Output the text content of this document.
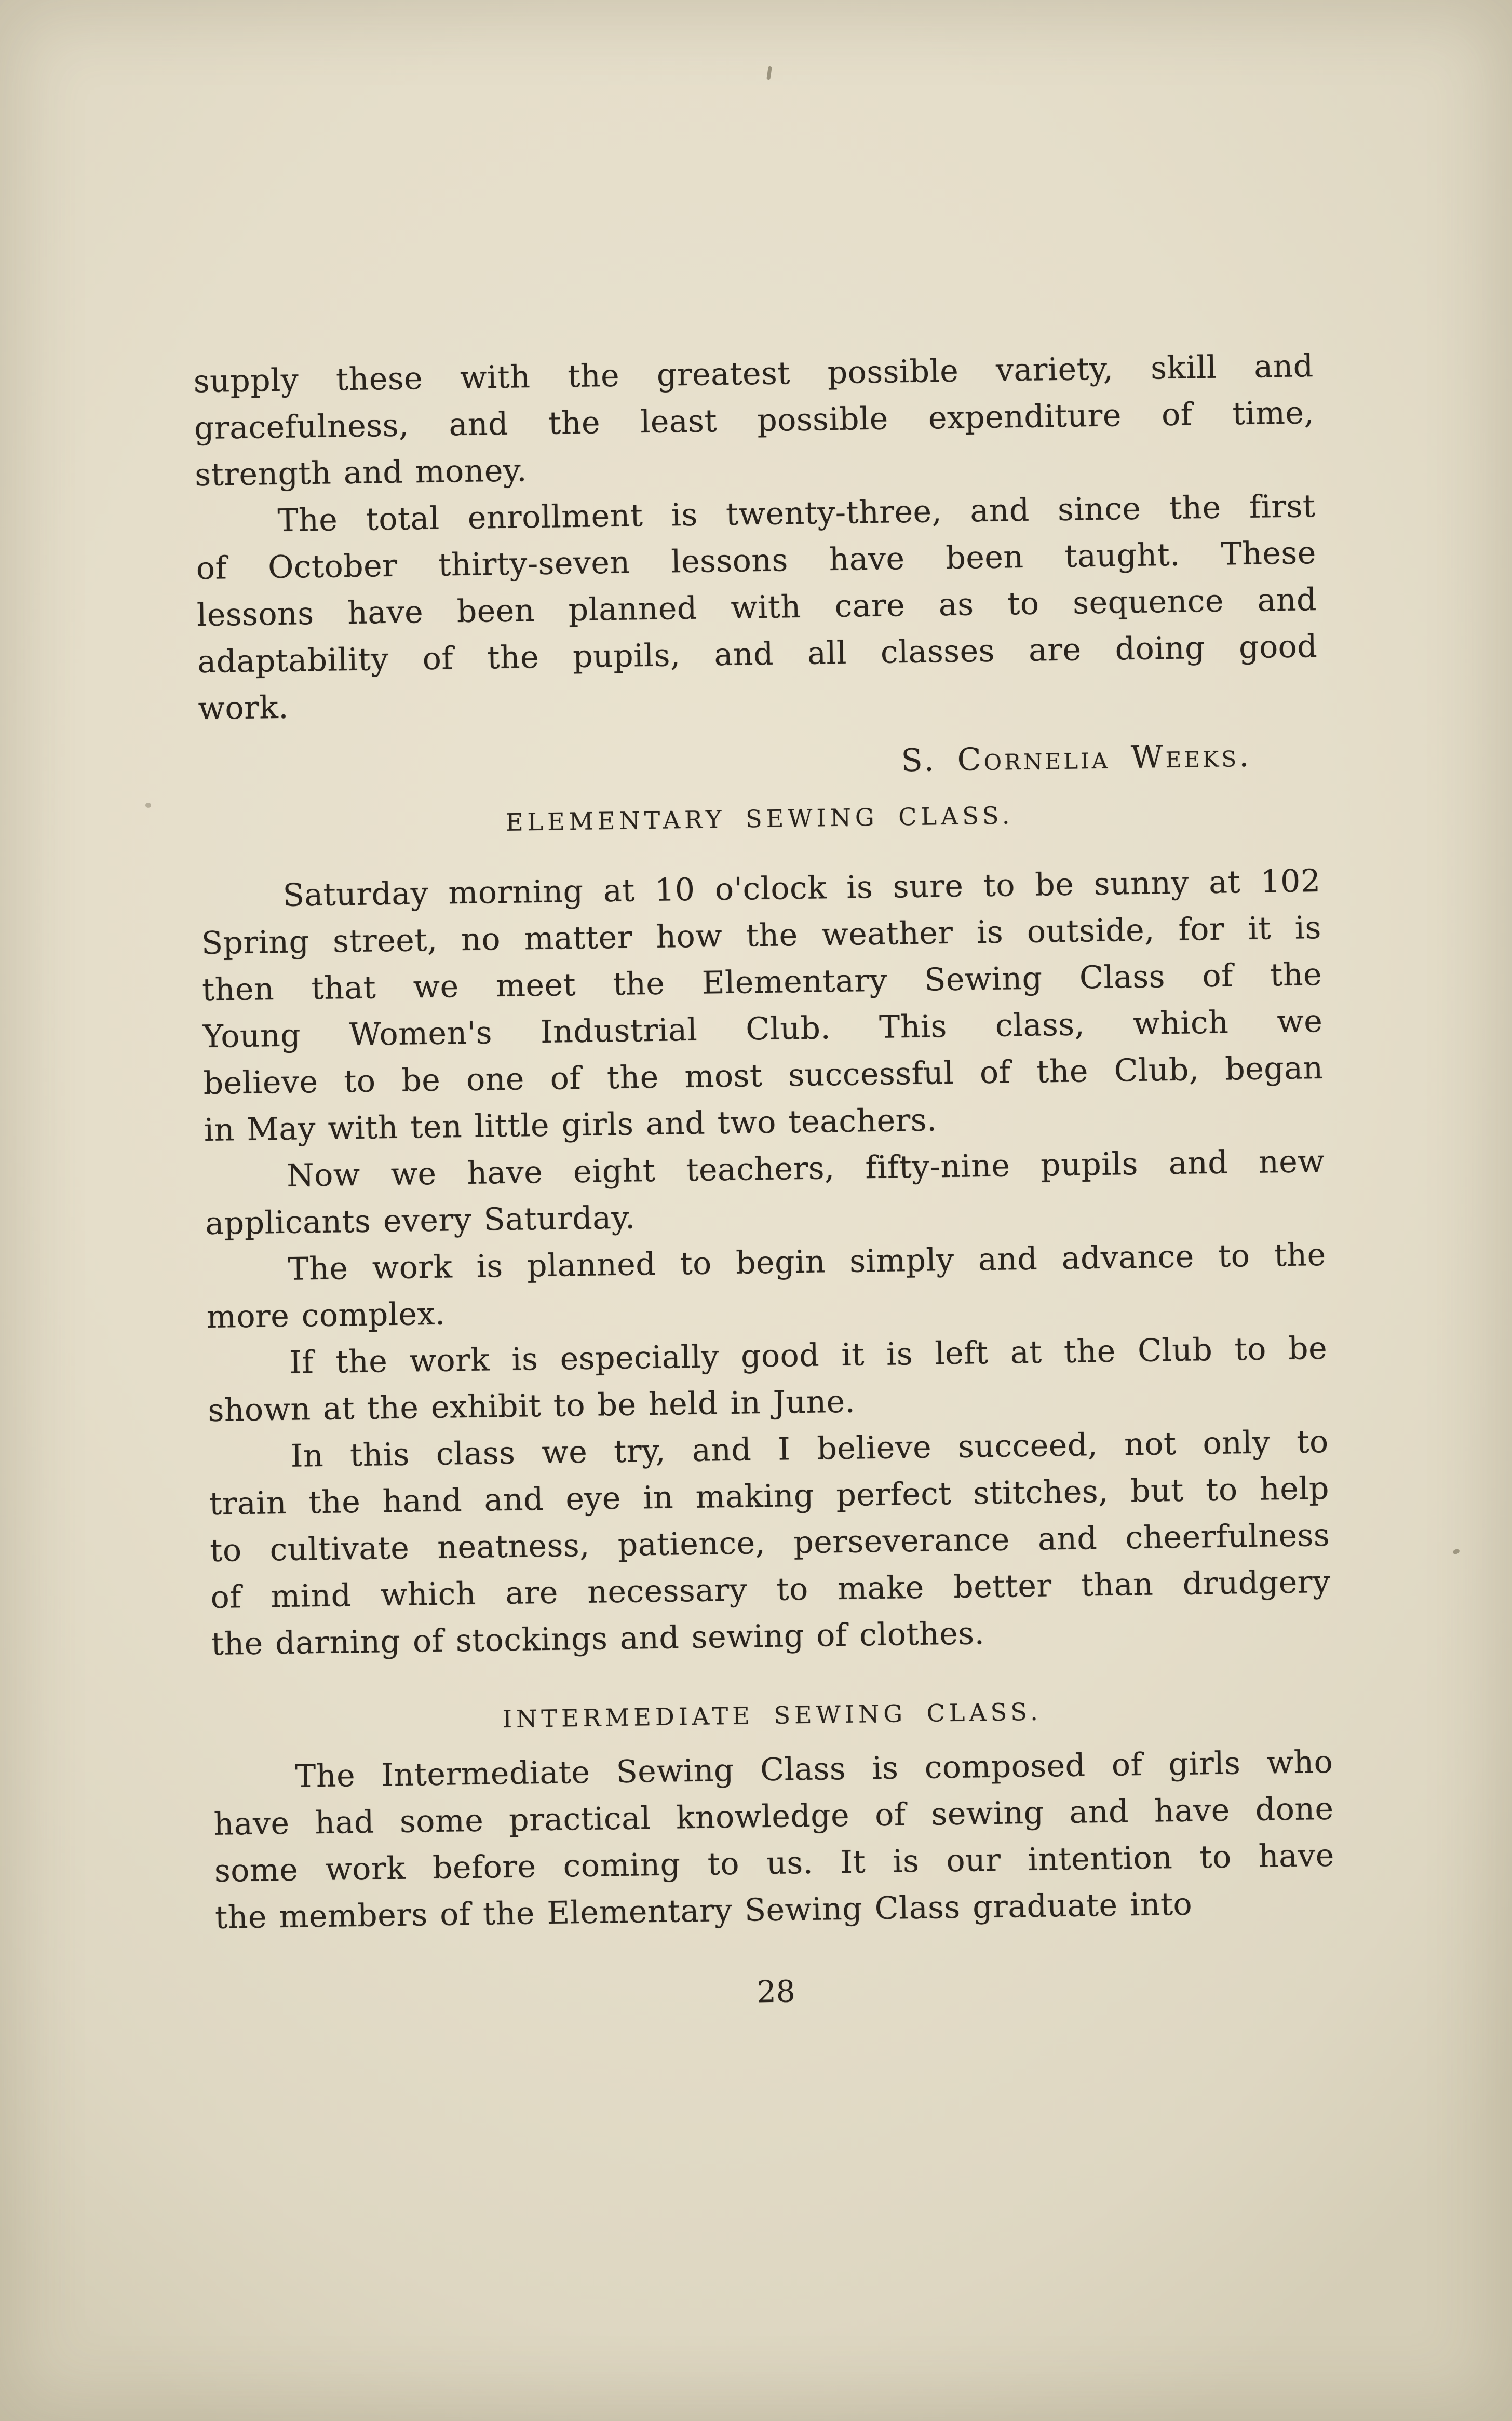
supply these with the greatest possible variety, skill and
gracefulness, and the least possible expenditure of time,
strength and money.
The total enrollment is twenty-three, and since the first
of October thirty-seven lessons have been taught. These
lessons have been planned with care as to sequence and
adaptability of the pupils, and all classes are doing good
work.
S. Cornelia Weeks.
ELEMENTARY SEWING CLASS.
Saturday morning at 10 o'clock is sure to be sunny at 102
Spring street, no matter how the weather is outside, for it is
then that we meet the Elementary Sewing Class of the
Young Women's Industrial Club. This class, which we
believe to be one of the most successful of the Club, began
in May with ten little girls and two teachers.
Now we have eight teachers, fifty-nine pupils and new
applicants every Saturday.
The work is planned to begin simply and advance to the
more complex.
If the work is especially good it is left at the Club to be
shown at the exhibit to be held in June.
In this class we try, and I believe succeed, not only to
train the hand and eye in making perfect stitches, but to help
to cultivate neatness, patience, perseverance and cheerfulness
of mind which are necessary to make better than drudgery
the darning of stockings and sewing of clothes.
INTERMEDIATE SEWING CLASS.
The Intermediate Sewing Class is composed of girls who
have had some practical knowledge of sewing and have done
some work before coming to us. It is our intention to have
the members of the Elementary Sewing Class graduate into
28
